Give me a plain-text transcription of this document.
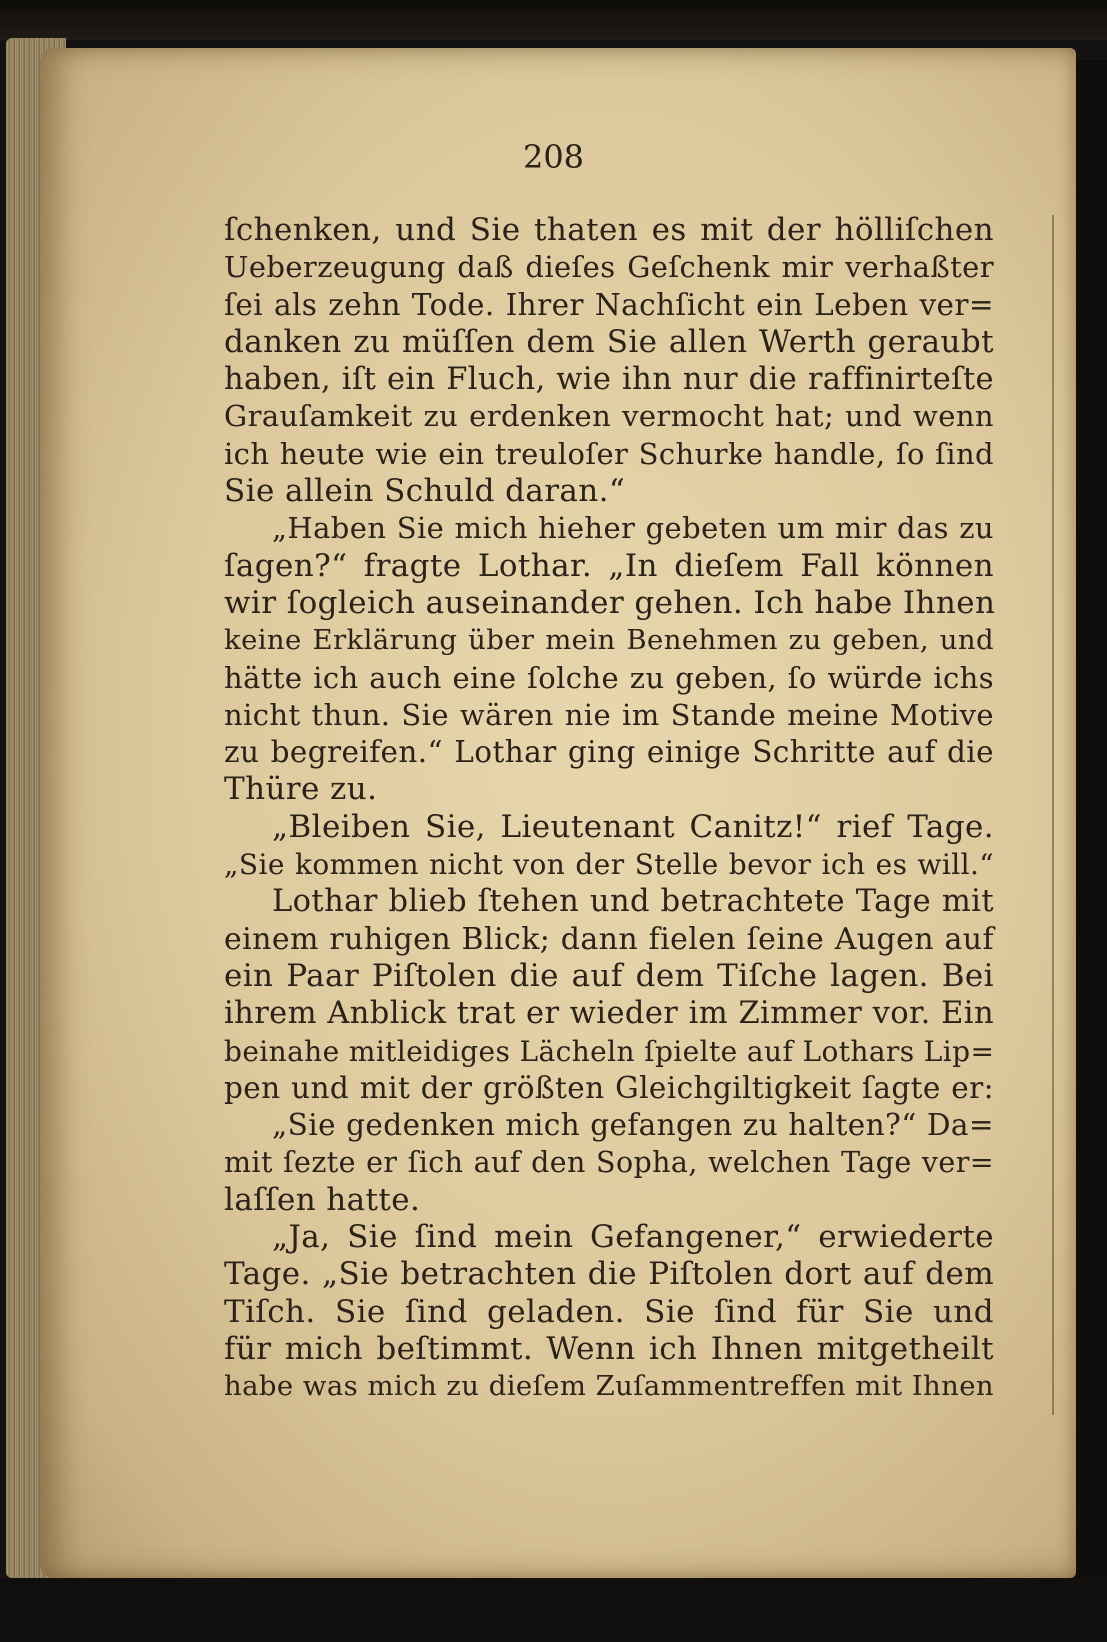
208
ſchenken, und Sie thaten es mit der hölliſchen
Ueberzeugung daß dieſes Geſchenk mir verhaßter
ſei als zehn Tode. Ihrer Nachſicht ein Leben ver=
danken zu müſſen dem Sie allen Werth geraubt
haben, iſt ein Fluch, wie ihn nur die raffinirteſte
Grauſamkeit zu erdenken vermocht hat; und wenn
ich heute wie ein treuloſer Schurke handle, ſo ſind
Sie allein Schuld daran.“
„Haben Sie mich hieher gebeten um mir das zu
ſagen?“ fragte Lothar. „In dieſem Fall können
wir ſogleich auseinander gehen. Ich habe Ihnen
keine Erklärung über mein Benehmen zu geben, und
hätte ich auch eine ſolche zu geben, ſo würde ichs
nicht thun. Sie wären nie im Stande meine Motive
zu begreifen.“ Lothar ging einige Schritte auf die
Thüre zu.
„Bleiben Sie, Lieutenant Canitz!“ rief Tage.
„Sie kommen nicht von der Stelle bevor ich es will.“
Lothar blieb ſtehen und betrachtete Tage mit
einem ruhigen Blick; dann fielen ſeine Augen auf
ein Paar Piſtolen die auf dem Tiſche lagen. Bei
ihrem Anblick trat er wieder im Zimmer vor. Ein
beinahe mitleidiges Lächeln ſpielte auf Lothars Lip=
pen und mit der größten Gleichgiltigkeit ſagte er:
„Sie gedenken mich gefangen zu halten?“ Da=
mit ſezte er ſich auf den Sopha, welchen Tage ver=
laſſen hatte.
„Ja, Sie ſind mein Gefangener,“ erwiederte
Tage. „Sie betrachten die Piſtolen dort auf dem
Tiſch. Sie ſind geladen. Sie ſind für Sie und
für mich beſtimmt. Wenn ich Ihnen mitgetheilt
habe was mich zu dieſem Zuſammentreffen mit Ihnen
